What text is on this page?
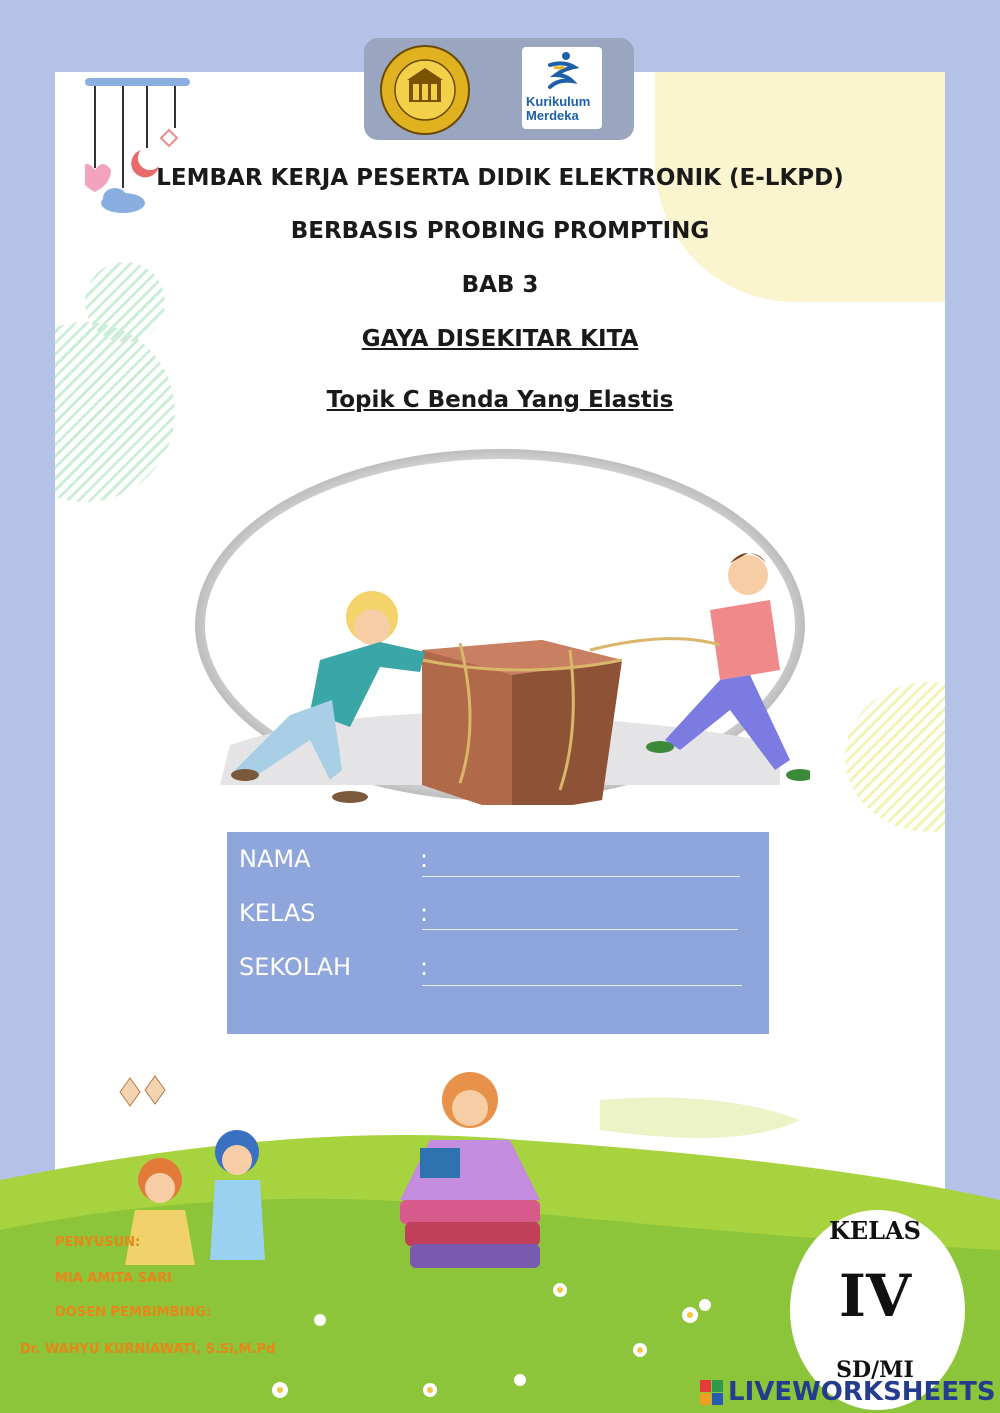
Kurikulum
Merdeka
LEMBAR KERJA PESERTA DIDIK ELEKTRONIK (E-LKPD)
BERBASIS PROBING PROMPTING
BAB 3
GAYA DISEKITAR KITA
Topik C Benda Yang Elastis
NAMA	:
KELAS	:
SEKOLAH	:
PENYUSUN:
MIA AMITA SARI
DOSEN PEMBIMBING:
Dr. WAHYU KURNIAWATI, S.Si,M.Pd
KELAS
IV
SD/MI
LIVEWORKSHEETS
